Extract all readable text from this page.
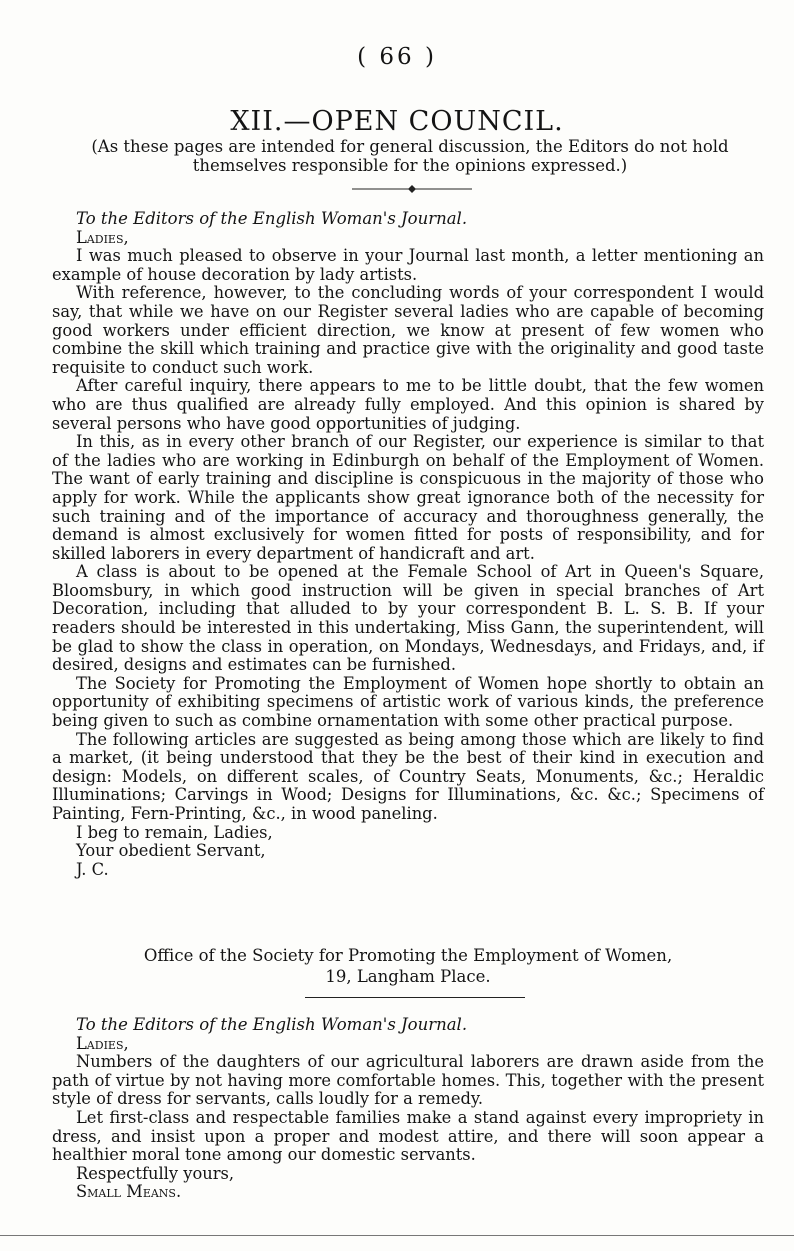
( 66 )
XII.—OPEN COUNCIL.
(As these pages are intended for general discussion, the Editors do not hold themselves responsible for the opinions expressed.)

To the Editors of the English Woman's Journal.

Ladies,

I was much pleased to observe in your Journal last month, a letter mentioning an example of house decoration by lady artists.

With reference, however, to the concluding words of your correspondent I would say, that while we have on our Register several ladies who are capable of becoming good workers under efficient direction, we know at present of few women who combine the skill which training and practice give with the originality and good taste requisite to conduct such work.

After careful inquiry, there appears to me to be little doubt, that the few women who are thus qualified are already fully employed. And this opinion is shared by several persons who have good opportunities of judging.

In this, as in every other branch of our Register, our experience is similar to that of the ladies who are working in Edinburgh on behalf of the Employment of Women. The want of early training and discipline is conspicuous in the majority of those who apply for work. While the applicants show great ignorance both of the necessity for such training and of the importance of accuracy and thoroughness generally, the demand is almost exclusively for women fitted for posts of responsibility, and for skilled laborers in every department of handicraft and art.

A class is about to be opened at the Female School of Art in Queen's Square, Bloomsbury, in which good instruction will be given in special branches of Art Decoration, including that alluded to by your correspondent B. L. S. B. If your readers should be interested in this undertaking, Miss Gann, the superintendent, will be glad to show the class in operation, on Mondays, Wednesdays, and Fridays, and, if desired, designs and estimates can be furnished.

The Society for Promoting the Employment of Women hope shortly to obtain an opportunity of exhibiting specimens of artistic work of various kinds, the preference being given to such as combine ornamentation with some other practical purpose.

The following articles are suggested as being among those which are likely to find a market, (it being understood that they be the best of their kind in execution and design: Models, on different scales, of Country Seats, Monuments, &c.; Heraldic Illuminations; Carvings in Wood; Designs for Illuminations, &c. &c.; Specimens of Painting, Fern-Printing, &c., in wood paneling.

I beg to remain, Ladies,

Your obedient Servant,

J. C.

Office of the Society for Promoting the Employment of Women,
19, Langham Place.

To the Editors of the English Woman's Journal.

Ladies,

Numbers of the daughters of our agricultural laborers are drawn aside from the path of virtue by not having more comfortable homes. This, together with the present style of dress for servants, calls loudly for a remedy.

Let first-class and respectable families make a stand against every impropriety in dress, and insist upon a proper and modest attire, and there will soon appear a healthier moral tone among our domestic servants.

Respectfully yours,

Small Means.
